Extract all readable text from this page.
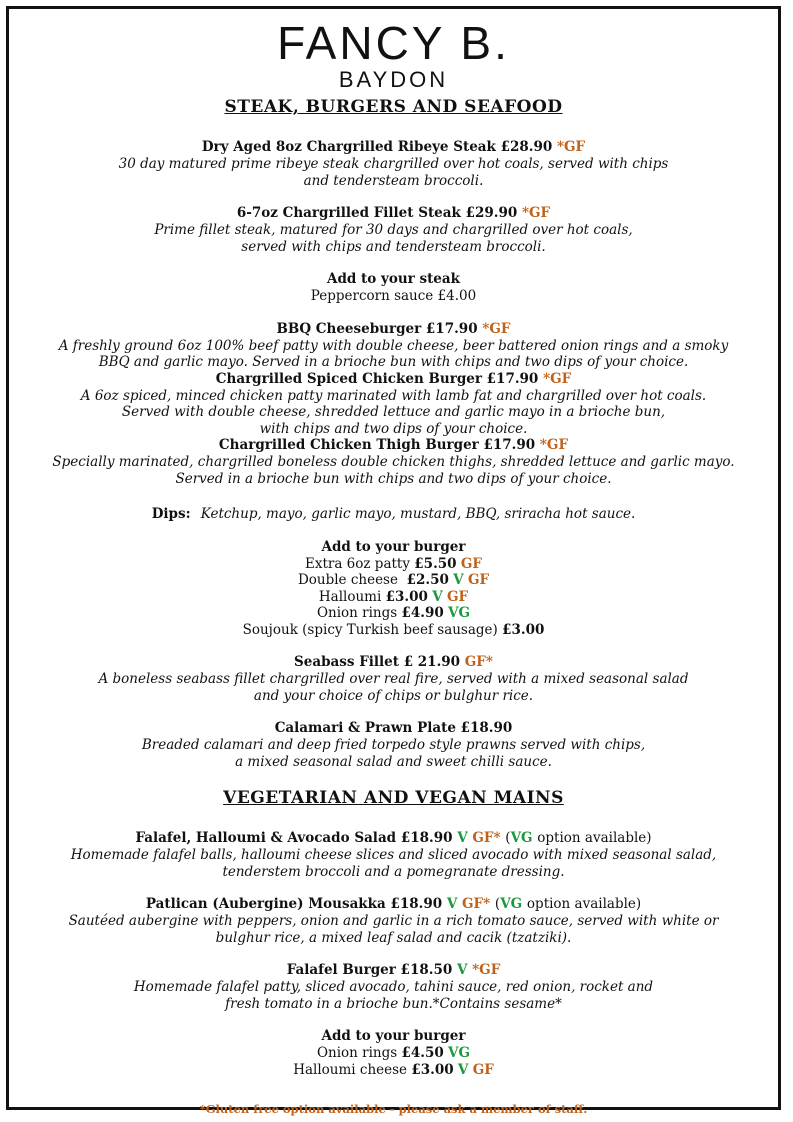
FANCY B.
BAYDON
STEAK, BURGERS AND SEAFOOD
Dry Aged 8oz Chargrilled Ribeye Steak £28.90 *GF
30 day matured prime ribeye steak chargrilled over hot coals, served with chips
and tendersteam broccoli.
6-7oz Chargrilled Fillet Steak £29.90 *GF
Prime fillet steak, matured for 30 days and chargrilled over hot coals,
served with chips and tendersteam broccoli.
Add to your steak
Peppercorn sauce £4.00
BBQ Cheeseburger £17.90 *GF
A freshly ground 6oz 100% beef patty with double cheese, beer battered onion rings and a smoky
BBQ and garlic mayo. Served in a brioche bun with chips and two dips of your choice.
Chargrilled Spiced Chicken Burger £17.90 *GF
A 6oz spiced, minced chicken patty marinated with lamb fat and chargrilled over hot coals.
Served with double cheese, shredded lettuce and garlic mayo in a brioche bun,
with chips and two dips of your choice.
Chargrilled Chicken Thigh Burger £17.90 *GF
Specially marinated, chargrilled boneless double chicken thighs, shredded lettuce and garlic mayo.
Served in a brioche bun with chips and two dips of your choice.
Dips: Ketchup, mayo, garlic mayo, mustard, BBQ, sriracha hot sauce.
Add to your burger
Extra 6oz patty £5.50 GF
Double cheese £2.50 V GF
Halloumi £3.00 V GF
Onion rings £4.90 VG
Soujouk (spicy Turkish beef sausage) £3.00
Seabass Fillet £ 21.90 GF*
A boneless seabass fillet chargrilled over real fire, served with a mixed seasonal salad
and your choice of chips or bulghur rice.
Calamari & Prawn Plate £18.90
Breaded calamari and deep fried torpedo style prawns served with chips,
a mixed seasonal salad and sweet chilli sauce.
VEGETARIAN AND VEGAN MAINS
Falafel, Halloumi & Avocado Salad £18.90 V GF* (VG option available)
Homemade falafel balls, halloumi cheese slices and sliced avocado with mixed seasonal salad,
tenderstem broccoli and a pomegranate dressing.
Patlican (Aubergine) Mousakka £18.90 V GF* (VG option available)
Sautéed aubergine with peppers, onion and garlic in a rich tomato sauce, served with white or
bulghur rice, a mixed leaf salad and cacik (tzatziki).
Falafel Burger £18.50 V *GF
Homemade falafel patty, sliced avocado, tahini sauce, red onion, rocket and
fresh tomato in a brioche bun.*Contains sesame*
Add to your burger
Onion rings £4.50 VG
Halloumi cheese £3.00 V GF
*Gluten free option available - please ask a member of staff.
